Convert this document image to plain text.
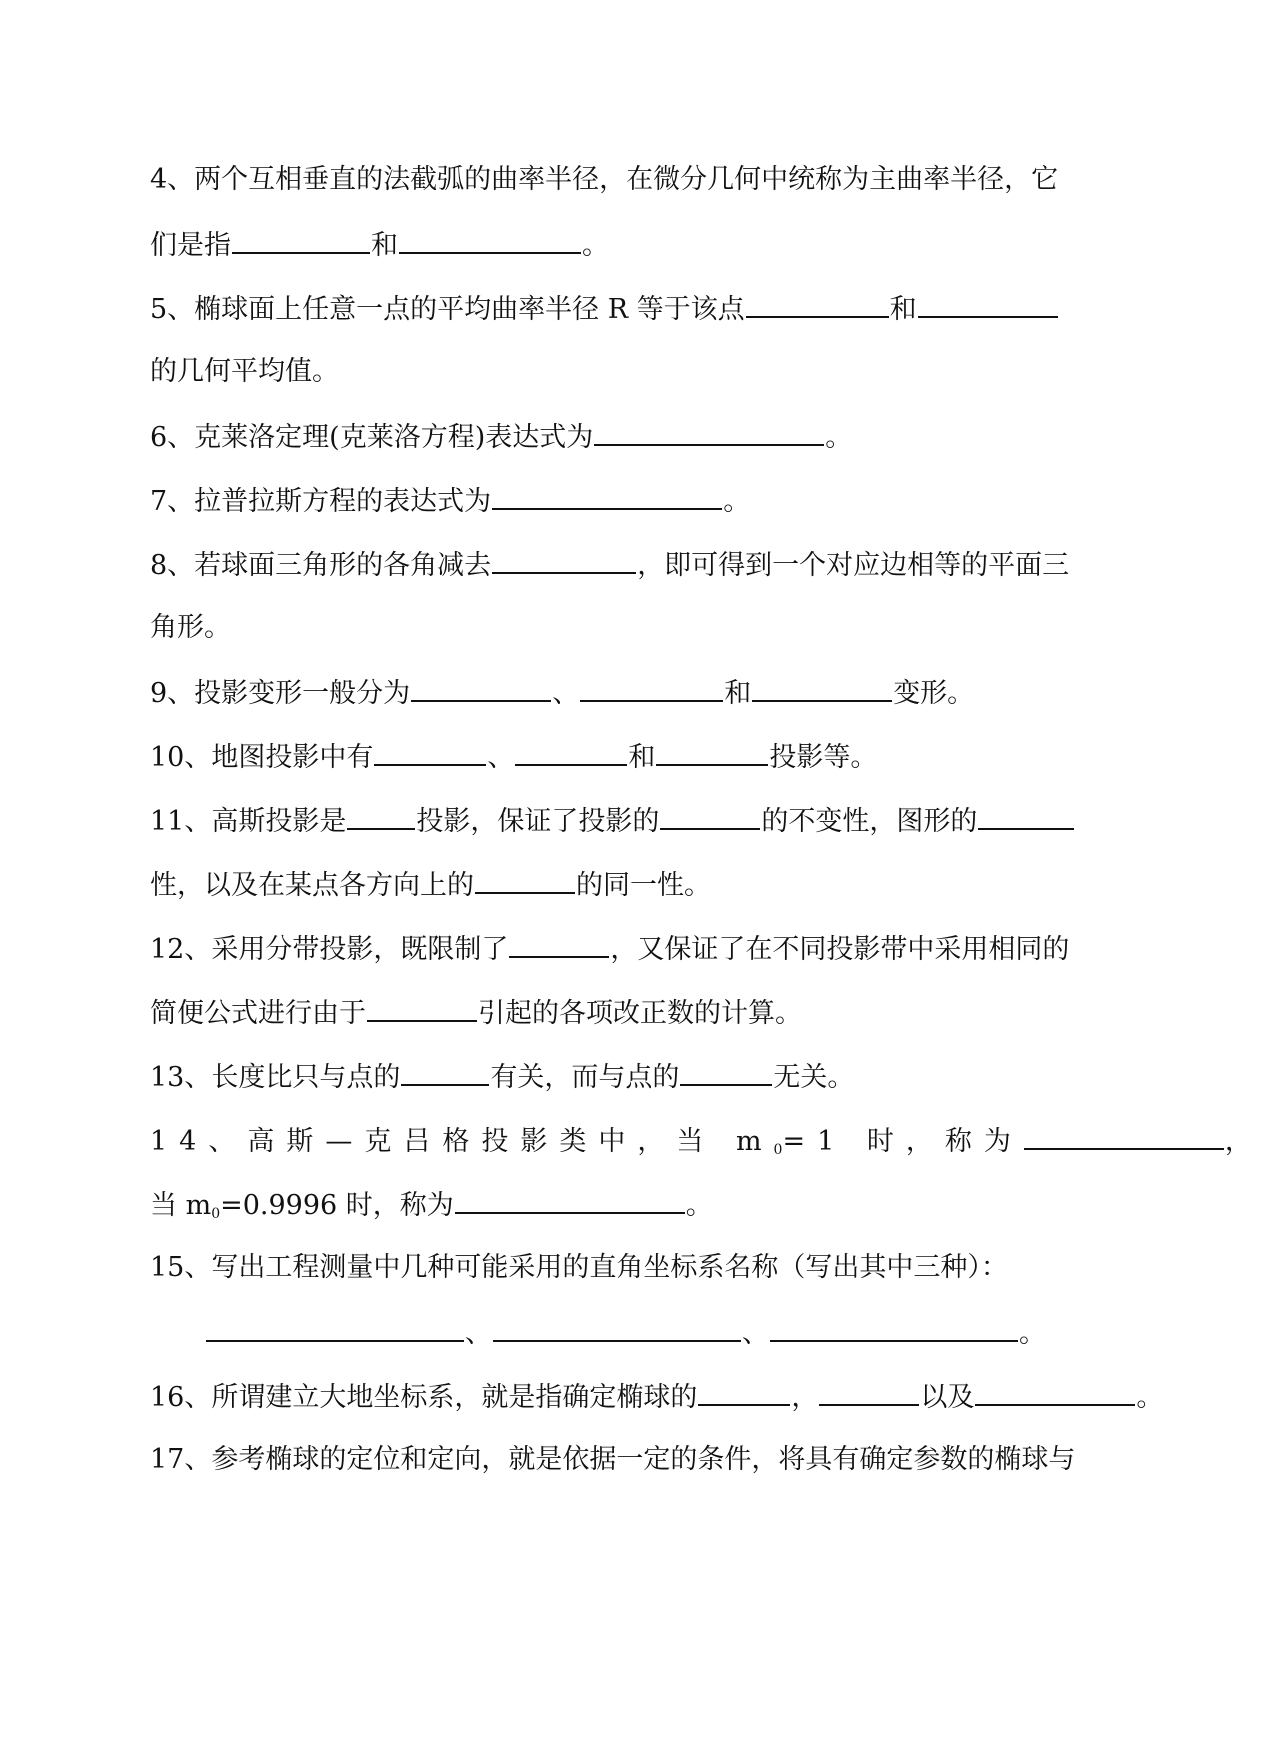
4、两个互相垂直的法截弧的曲率半径，在微分几何中统称为主曲率半径，它
们是指	和	。
5、椭球面上任意一点的平均曲率半径 R 等于该点	和
的几何平均值。
6、克莱洛定理(克莱洛方程)表达式为	。
7、拉普拉斯方程的表达式为	。
8、若球面三角形的各角减去	，即可得到一个对应边相等的平面三
角形。
9、投影变形一般分为	、	和	变形。
10、地图投影中有	、	和	投影等。
11、高斯投影是	投影，保证了投影的	的不变性，图形的
性，以及在某点各方向上的	的同一性。
12、采用分带投影，既限制了	，又保证了在不同投影带中采用相同的
简便公式进行由于	引起的各项改正数的计算。
13、长度比只与点的	有关，而与点的	无关。
14、高斯—克吕格投影类中，当 $m_0=1$ 时，称为	，
当 $m_0=0.9996$ 时，称为	。
15、写出工程测量中几种可能采用的直角坐标系名称（写出其中三种）：
、	、	。
16、所谓建立大地坐标系，就是指确定椭球的	，	以及	。
17、参考椭球的定位和定向，就是依据一定的条件，将具有确定参数的椭球与
